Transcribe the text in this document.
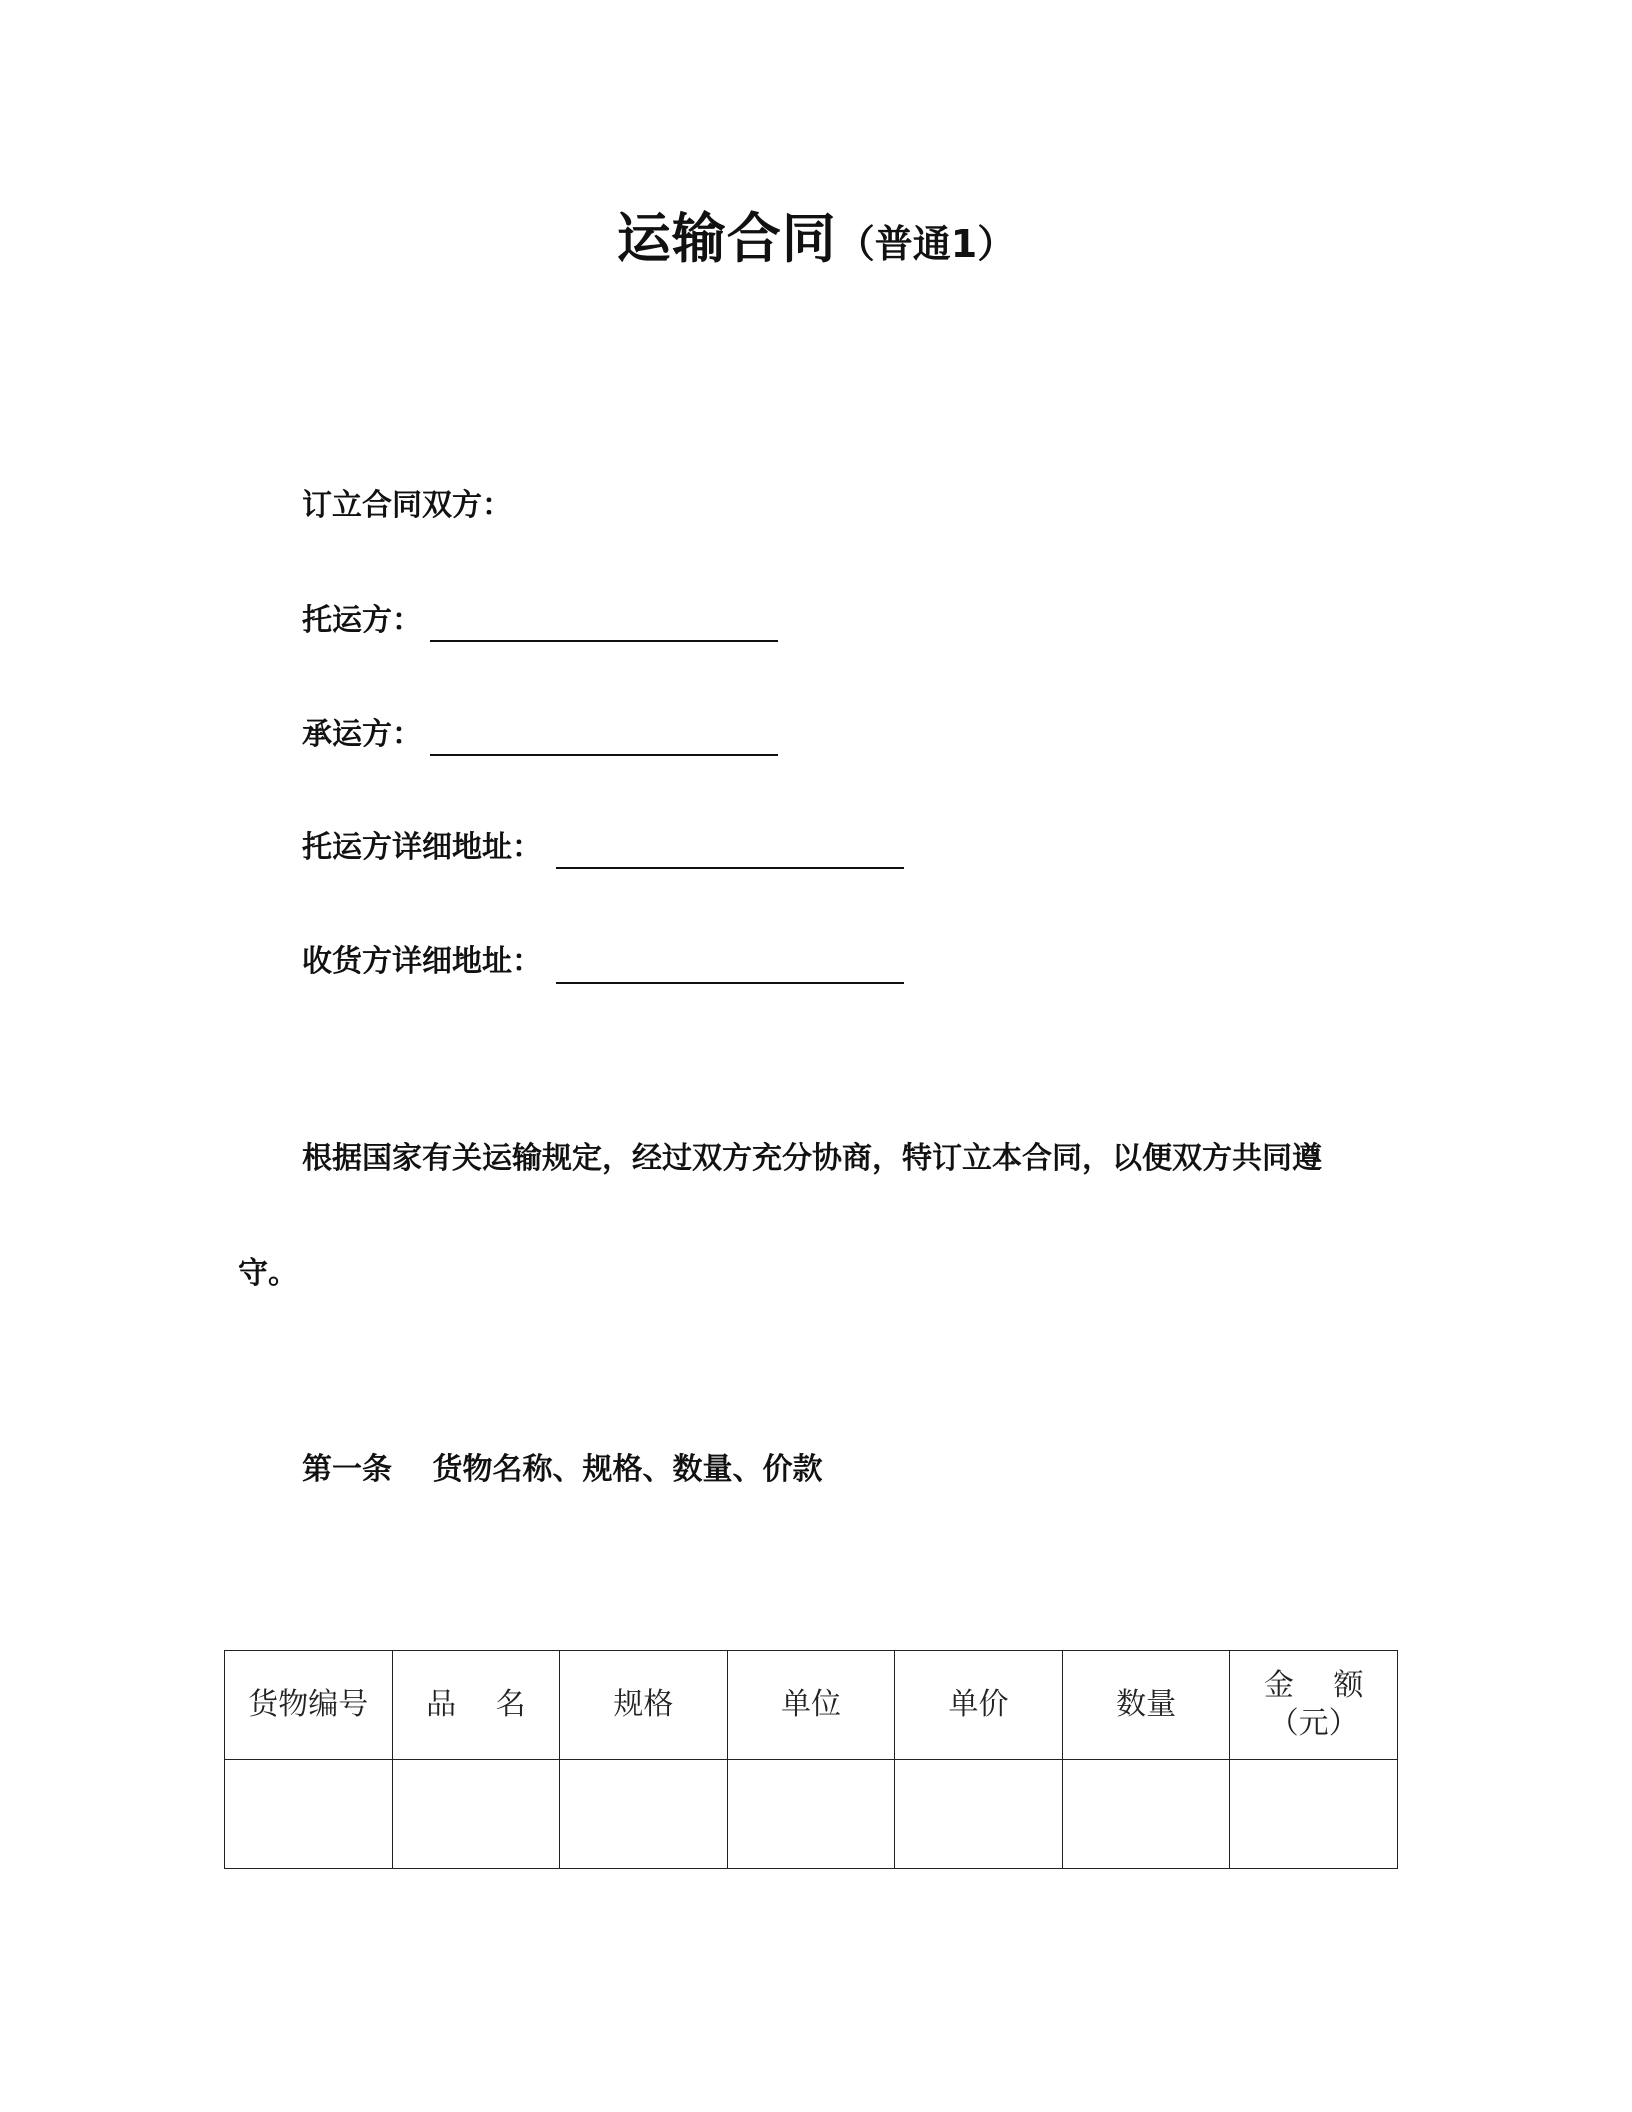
运输合同（普通1）
订立合同双方：
托运方：
承运方：
托运方详细地址：
收货方详细地址：
根据国家有关运输规定，经过双方充分协商，特订立本合同，以便双方共同遵
守。
第一条　 货物名称、规格、数量、价款
货物编号	品　 名	规格	单位	单价	数量	金　 额
（元）
